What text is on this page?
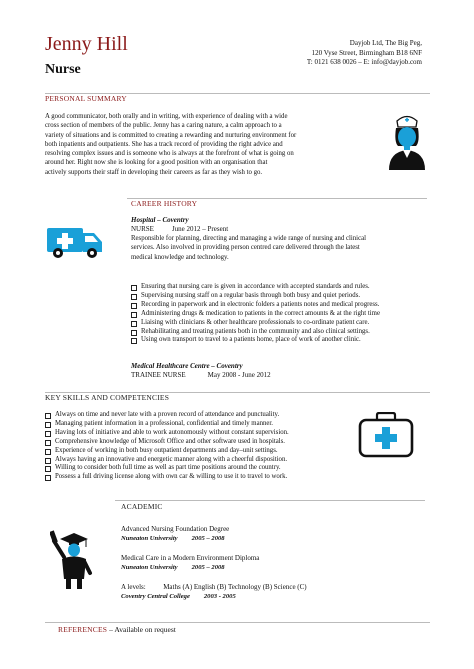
Jenny Hill
Nurse
Dayjob Ltd, The Big Peg,
120 Vyse Street, Birmingham B18 6NF
T: 0121 638 0026 – E: info@dayjob.com
PERSONAL SUMMARY
A good communicator, both orally and in writing, with experience of dealing with a wide
cross section of members of the public. Jenny has a caring nature, a calm approach to a
variety of situations and is committed to creating a rewarding and nurturing environment for
both inpatients and outpatients. She has a track record of providing the right advice and
resolving complex issues and is someone who is always at the forefront of what is going on
around her. Right now she is looking for a good position with an organisation that
actively supports their staff in developing their careers as far as they wish to go.
CAREER HISTORY
Hospital – Coventry
NURSE	June 2012 – Present
Responsible for planning, directing and managing a wide range of nursing and clinical
services. Also involved in providing person centred care delivered through the latest
medical knowledge and technology.
Ensuring that nursing care is given in accordance with accepted standards and rules.
Supervising nursing staff on a regular basis through both busy and quiet periods.
Recording in paperwork and in electronic folders a patients notes and medical progress.
Administering drugs & medication to patients in the correct amounts & at the right time
Liaising with clinicians & other healthcare professionals to co-ordinate patient care.
Rehabilitating and treating patients both in the community and also clinical settings.
Using own transport to travel to a patients home, place of work of another clinic.
Medical Healthcare Centre – Coventry
TRAINEE NURSE	May 2008 - June 2012
KEY SKILLS AND COMPETENCIES
Always on time and never late with a proven record of attendance and punctuality.
Managing patient information in a professional, confidential and timely manner.
Having lots of initiative and able to work autonomously without constant supervision.
Comprehensive knowledge of Microsoft Office and other software used in hospitals.
Experience of working in both busy outpatient departments and day–unit settings.
Always having an innovative and energetic manner along with a cheerful disposition.
Willing to consider both full time as well as part time positions around the country.
Possess a full driving license along with own car & willing to use it to travel to work.
ACADEMIC
Advanced Nursing Foundation Degree
Nuneaton University 2005 – 2008
Medical Care in a Modern Environment Diploma
Nuneaton University 2005 – 2008
A levels:          Maths (A) English (B) Technology (B) Science (C)
Coventry Central College 2003 - 2005
REFERENCES – Available on request
